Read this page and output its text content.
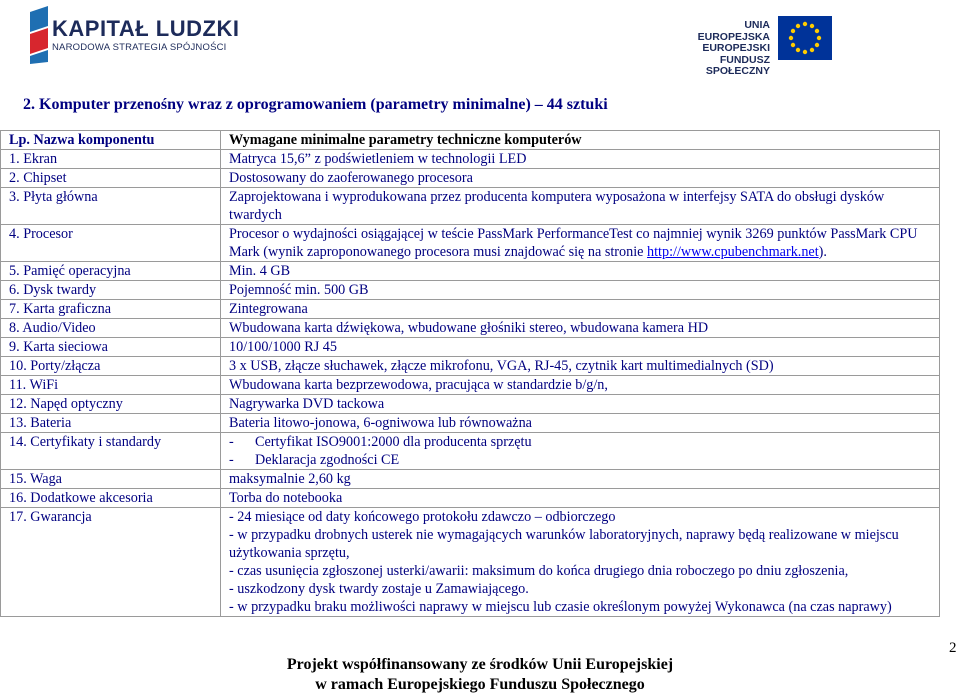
KAPITAŁ LUDZKI
NARODOWA STRATEGIA SPÓJNOŚCI
UNIA EUROPEJSKA
EUROPEJSKI
FUNDUSZ SPOŁECZNY
2. Komputer przenośny wraz z oprogramowaniem (parametry minimalne) – 44 sztuki
Lp. Nazwa komponentu	Wymagane minimalne parametry techniczne komputerów
1. Ekran	Matryca 15,6” z podświetleniem w technologii LED
2. Chipset	Dostosowany do zaoferowanego procesora
3. Płyta główna	Zaprojektowana i wyprodukowana przez producenta komputera wyposażona w interfejsy SATA do obsługi dysków twardych
4. Procesor	Procesor o wydajności osiągającej w teście PassMark PerformanceTest co najmniej wynik 3269 punktów PassMark CPU Mark (wynik zaproponowanego procesora musi znajdować się na stronie http://www.cpubenchmark.net).
5. Pamięć operacyjna	Min. 4 GB
6. Dysk twardy	Pojemność min. 500 GB
7. Karta graficzna	Zintegrowana
8. Audio/Video	Wbudowana karta dźwiękowa, wbudowane głośniki stereo, wbudowana kamera HD
9. Karta sieciowa	10/100/1000 RJ 45
10. Porty/złącza	3 x USB, złącze słuchawek, złącze mikrofonu, VGA, RJ-45, czytnik kart multimedialnych (SD)
11. WiFi	Wbudowana karta bezprzewodowa, pracująca w standardzie b/g/n,
12. Napęd optyczny	Nagrywarka DVD tackowa
13. Bateria	Bateria litowo-jonowa, 6-ogniwowa lub równoważna
14. Certyfikaty i standardy	- Certyfikat ISO9001:2000 dla producenta sprzętu
- Deklaracja zgodności CE

15. Waga	maksymalnie 2,60 kg
16. Dodatkowe akcesoria	Torba do notebooka
17. Gwarancja	- 24 miesiące od daty końcowego protokołu zdawczo – odbiorczego
- w przypadku drobnych usterek nie wymagających warunków laboratoryjnych, naprawy będą realizowane w miejscu użytkowania sprzętu,
- czas usunięcia zgłoszonej usterki/awarii: maksimum do końca drugiego dnia roboczego po dniu zgłoszenia,
- uszkodzony dysk twardy zostaje u Zamawiającego.
- w przypadku braku możliwości naprawy w miejscu lub czasie określonym powyżej Wykonawca (na czas naprawy)
2
Projekt współfinansowany ze środków Unii Europejskiej
w ramach Europejskiego Funduszu Społecznego
